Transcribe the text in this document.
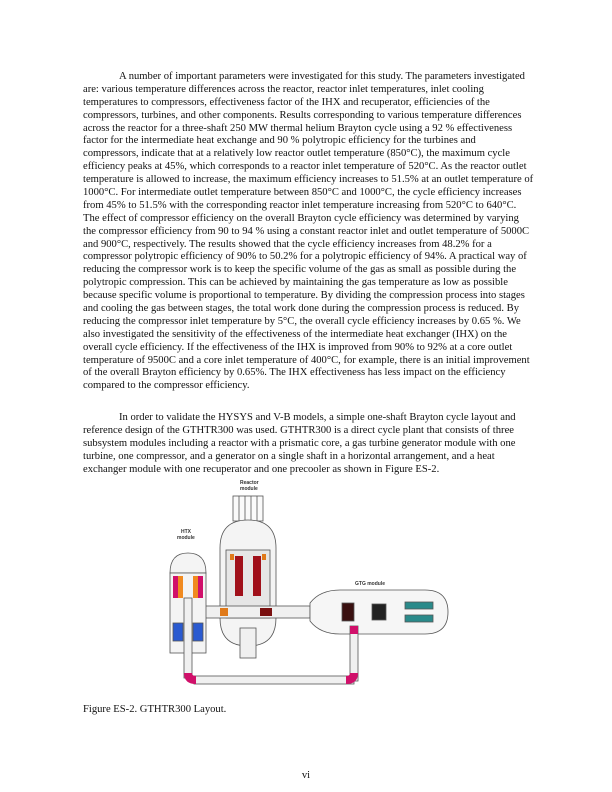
A number of important parameters were investigated for this study. The parameters investigated
are: various temperature differences across the reactor, reactor inlet temperatures, inlet cooling
temperatures to compressors, effectiveness factor of the IHX and recuperator, efficiencies of the
compressors, turbines, and other components. Results corresponding to various temperature differences
across the reactor for a three-shaft 250 MW thermal helium Brayton cycle using a 92 % effectiveness
factor for the intermediate heat exchange and 90 % polytropic efficiency for the turbines and
compressors, indicate that at a relatively low reactor outlet temperature (850°C), the maximum cycle
efficiency peaks at 45%, which corresponds to a reactor inlet temperature of 520°C. As the reactor outlet
temperature is allowed to increase, the maximum efficiency increases to 51.5% at an outlet temperature of
1000°C. For intermediate outlet temperature between 850°C and 1000°C, the cycle efficiency increases
from 45% to 51.5% with the corresponding reactor inlet temperature increasing from 520°C to 640°C.
The effect of compressor efficiency on the overall Brayton cycle efficiency was determined by varying
the compressor efficiency from 90 to 94 % using a constant reactor inlet and outlet temperature of 5000C
and 900°C, respectively. The results showed that the cycle efficiency increases from 48.2% for a
compressor polytropic efficiency of 90% to 50.2% for a polytropic efficiency of 94%. A practical way of
reducing the compressor work is to keep the specific volume of the gas as small as possible during the
polytropic compression. This can be achieved by maintaining the gas temperature as low as possible
because specific volume is proportional to temperature. By dividing the compression process into stages
and cooling the gas between stages, the total work done during the compression process is reduced. By
reducing the compressor inlet temperature by 5°C, the overall cycle efficiency increases by 0.65 %. We
also investigated the sensitivity of the effectiveness of the intermediate heat exchanger (IHX) on the
overall cycle efficiency. If the effectiveness of the IHX is improved from 90% to 92% at a core outlet
temperature of 9500C and a core inlet temperature of 400°C, for example, there is an initial improvement
of the overall Brayton efficiency by 0.65%. The IHX effectiveness has less impact on the efficiency
compared to the compressor efficiency.
In order to validate the HYSYS and V-B models, a simple one-shaft Brayton cycle layout and
reference design of the GTHTR300 was used. GTHTR300 is a direct cycle plant that consists of three
subsystem modules including a reactor with a prismatic core, a gas turbine generator module with one
turbine, one compressor, and a generator on a single shaft in a horizontal arrangement, and a heat
exchanger module with one recuperator and one precooler as shown in Figure ES-2.
Reactor
module
HTX
module
GTG module
Figure ES-2. GTHTR300 Layout.
vi
